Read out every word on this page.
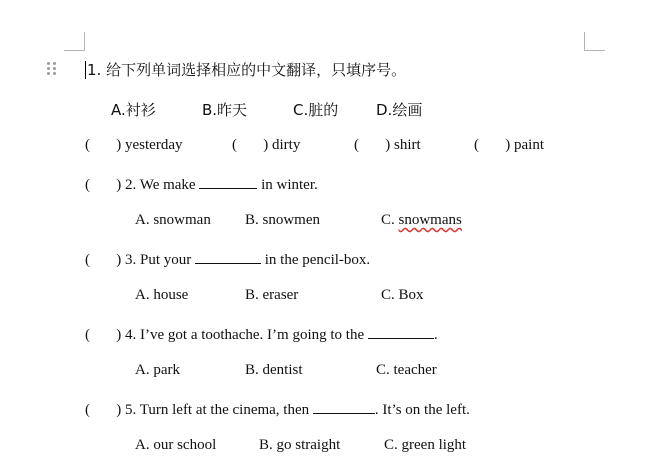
1. 给下列单词选择相应的中文翻译，只填序号。
A.衬衫	B.昨天	C.脏的	D.绘画
(       ) yesterday	(       ) dirty	(       ) shirt	(       ) paint
(       ) 2. We make	in winter.
A. snowman B. snowmen	C. snowmans
(       ) 3. Put your	in the pencil-box.
A. house	B. eraser	C. Box
(       ) 4. I’ve got a toothache. I’m going to the	.
A. park	B. dentist	C. teacher
(       ) 5. Turn left at the cinema, then	. It’s on the left.
A. our school	B. go straight	C. green light
